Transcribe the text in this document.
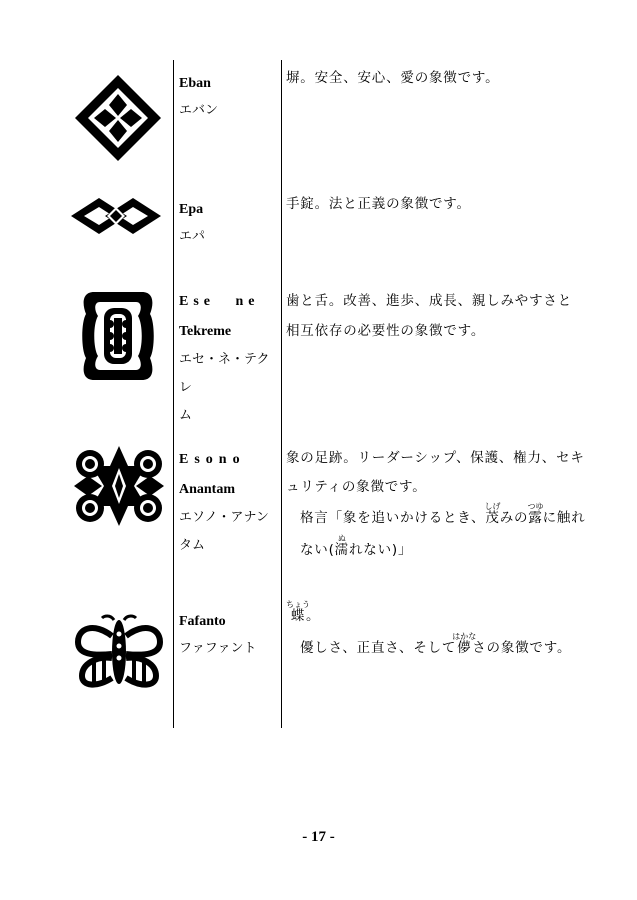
Eban
エバン
塀。安全、安心、愛の象徴です。
Epa
エパ
手錠。法と正義の象徴です。
Ese ne
Tekreme
エセ・ネ・テクレ
ム
歯と舌。改善、進歩、成長、親しみやすさと相互依存の必要性の象徴です。
Esono
Anantam
エソノ・アナン
タム
象の足跡。リーダーシップ、保護、権力、セキュリティの象徴です。
格言「象を追いかけるとき、茂しげみの露つゆに触れない(濡ぬれない)」
Fafanto
ファファント
蝶ちょう。
優しさ、正直さ、そして儚はかなさの象徴です。
- 17 -
